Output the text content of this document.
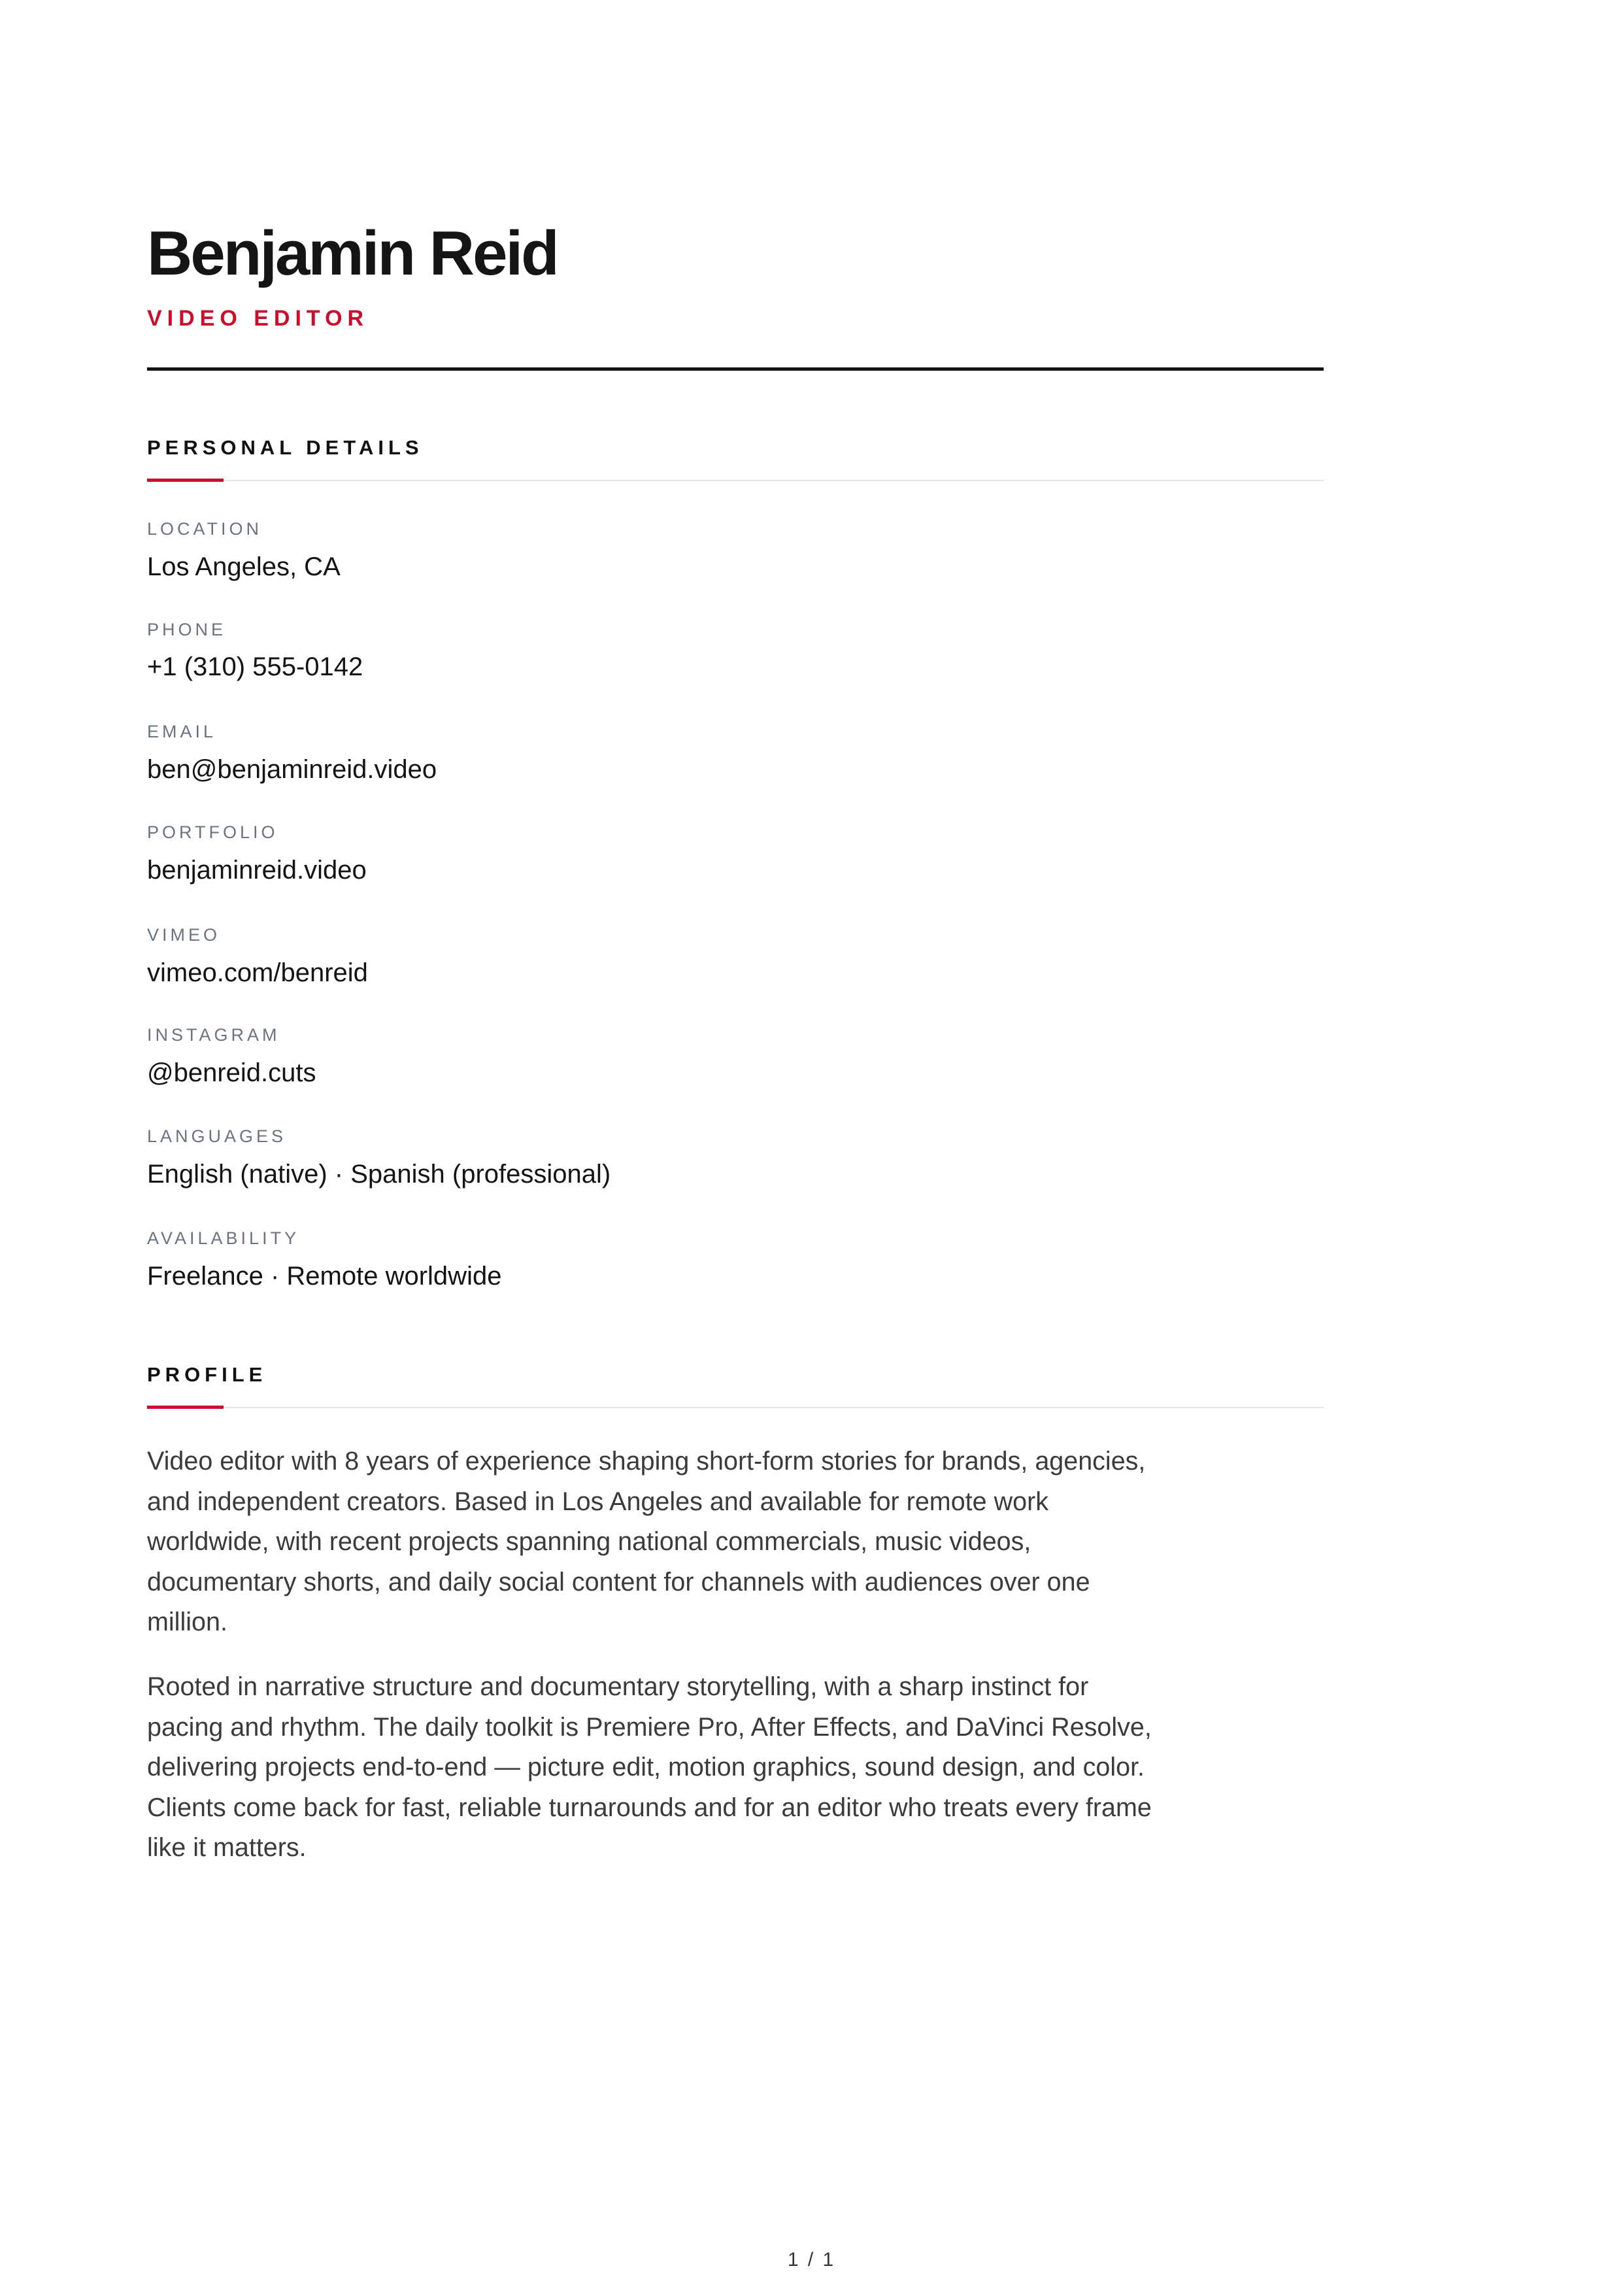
Benjamin Reid
VIDEO EDITOR
PERSONAL DETAILS
LOCATION
Los Angeles, CA
PHONE
+1 (310) 555-0142
EMAIL
ben@benjaminreid.video
PORTFOLIO
benjaminreid.video
VIMEO
vimeo.com/benreid
INSTAGRAM
@benreid.cuts
LANGUAGES
English (native) · Spanish (professional)
AVAILABILITY
Freelance · Remote worldwide
PROFILE

Video editor with 8 years of experience shaping short-form stories for brands, agencies, and independent creators. Based in Los Angeles and available for remote work worldwide, with recent projects spanning national commercials, music videos, documentary shorts, and daily social content for channels with audiences over one million.

Rooted in narrative structure and documentary storytelling, with a sharp instinct for pacing and rhythm. The daily toolkit is Premiere Pro, After Effects, and DaVinci Resolve, delivering projects end-to-end — picture edit, motion graphics, sound design, and color. Clients come back for fast, reliable turnarounds and for an editor who treats every frame like it matters.

1 / 1
